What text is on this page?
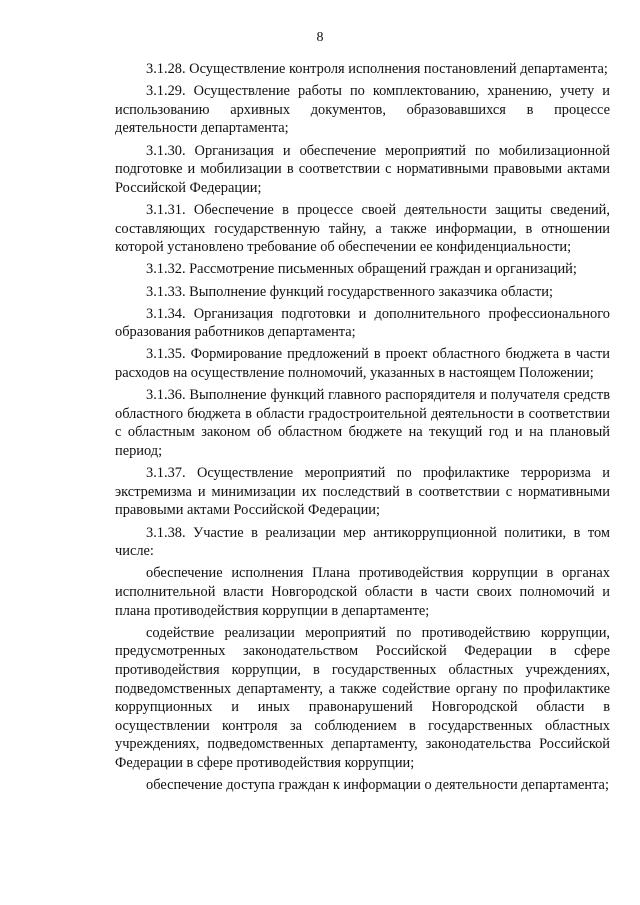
8

3.1.28. Осуществление контроля исполнения постановлений департамента;

3.1.29. Осуществление работы по комплектованию, хранению, учету и использованию архивных документов, образовавшихся в процессе деятельности департамента;

3.1.30. Организация и обеспечение мероприятий по мобилизационной подготовке и мобилизации в соответствии с нормативными правовыми актами Российской Федерации;

3.1.31. Обеспечение в процессе своей деятельности защиты сведений, составляющих государственную тайну, а также информации, в отношении которой установлено требование об обеспечении ее конфиденциальности;

3.1.32. Рассмотрение письменных обращений граждан и организаций;

3.1.33. Выполнение функций государственного заказчика области;

3.1.34. Организация подготовки и дополнительного профессионального образования работников департамента;

3.1.35. Формирование предложений в проект областного бюджета в части расходов на осуществление полномочий, указанных в настоящем Положении;

3.1.36. Выполнение функций главного распорядителя и получателя средств областного бюджета в области градостроительной деятельности в соответствии с областным законом об областном бюджете на текущий год и на плановый период;

3.1.37. Осуществление мероприятий по профилактике терроризма и экстремизма и минимизации их последствий в соответствии с нормативными правовыми актами Российской Федерации;

3.1.38. Участие в реализации мер антикоррупционной политики, в том числе:

обеспечение исполнения Плана противодействия коррупции в органах исполнительной власти Новгородской области в части своих полномочий и плана противодействия коррупции в департаменте;

содействие реализации мероприятий по противодействию коррупции, предусмотренных законодательством Российской Федерации в сфере противодействия коррупции, в государственных областных учреждениях, подведомственных департаменту, а также содействие органу по профилактике коррупционных и иных правонарушений Новгородской области в осуществлении контроля за соблюдением в государственных областных учреждениях, подведомственных департаменту, законодательства Российской Федерации в сфере противодействия коррупции;

обеспечение доступа граждан к информации о деятельности департамента;
